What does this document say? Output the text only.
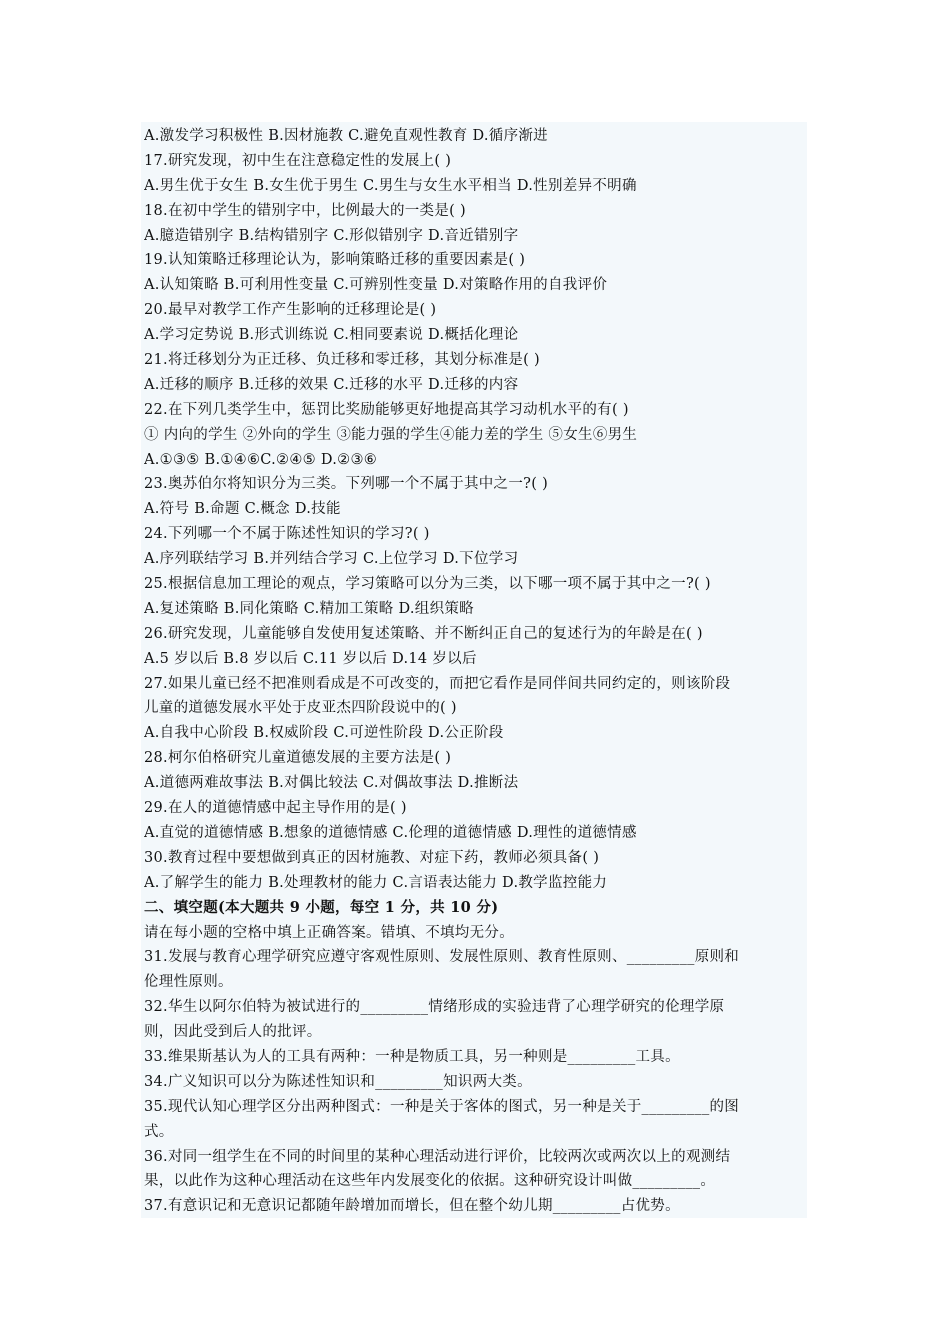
A.激发学习积极性 B.因材施教 C.避免直观性教育 D.循序渐进
17.研究发现，初中生在注意稳定性的发展上( )
A.男生优于女生 B.女生优于男生 C.男生与女生水平相当 D.性别差异不明确
18.在初中学生的错别字中，比例最大的一类是( )
A.臆造错别字 B.结构错别字 C.形似错别字 D.音近错别字
19.认知策略迁移理论认为，影响策略迁移的重要因素是( )
A.认知策略 B.可利用性变量 C.可辨别性变量 D.对策略作用的自我评价
20.最早对教学工作产生影响的迁移理论是( )
A.学习定势说 B.形式训练说 C.相同要素说 D.概括化理论
21.将迁移划分为正迁移、负迁移和零迁移，其划分标准是( )
A.迁移的顺序 B.迁移的效果 C.迁移的水平 D.迁移的内容
22.在下列几类学生中，惩罚比奖励能够更好地提高其学习动机水平的有( )
① 内向的学生 ②外向的学生 ③能力强的学生④能力差的学生 ⑤女生⑥男生
A.①③⑤ B.①④⑥C.②④⑤ D.②③⑥
23.奥苏伯尔将知识分为三类。下列哪一个不属于其中之一?( )
A.符号 B.命题 C.概念 D.技能
24.下列哪一个不属于陈述性知识的学习?( )
A.序列联结学习 B.并列结合学习 C.上位学习 D.下位学习
25.根据信息加工理论的观点，学习策略可以分为三类，以下哪一项不属于其中之一?( )
A.复述策略 B.同化策略 C.精加工策略 D.组织策略
26.研究发现，儿童能够自发使用复述策略、并不断纠正自己的复述行为的年龄是在( )
A.5 岁以后 B.8 岁以后 C.11 岁以后 D.14 岁以后
27.如果儿童已经不把准则看成是不可改变的，而把它看作是同伴间共同约定的，则该阶段
儿童的道德发展水平处于皮亚杰四阶段说中的( )
A.自我中心阶段 B.权威阶段 C.可逆性阶段 D.公正阶段
28.柯尔伯格研究儿童道德发展的主要方法是( )
A.道德两难故事法 B.对偶比较法 C.对偶故事法 D.推断法
29.在人的道德情感中起主导作用的是( )
A.直觉的道德情感 B.想象的道德情感 C.伦理的道德情感 D.理性的道德情感
30.教育过程中要想做到真正的因材施教、对症下药，教师必须具备( )
A.了解学生的能力 B.处理教材的能力 C.言语表达能力 D.教学监控能力
二、填空题(本大题共 9 小题，每空 1 分，共 10 分)
请在每小题的空格中填上正确答案。错填、不填均无分。
31.发展与教育心理学研究应遵守客观性原则、发展性原则、教育性原则、_________原则和
伦理性原则。
32.华生以阿尔伯特为被试进行的_________情绪形成的实验违背了心理学研究的伦理学原
则，因此受到后人的批评。
33.维果斯基认为人的工具有两种：一种是物质工具，另一种则是_________工具。
34.广义知识可以分为陈述性知识和_________知识两大类。
35.现代认知心理学区分出两种图式：一种是关于客体的图式，另一种是关于_________的图
式。
36.对同一组学生在不同的时间里的某种心理活动进行评价，比较两次或两次以上的观测结
果，以此作为这种心理活动在这些年内发展变化的依据。这种研究设计叫做_________。
37.有意识记和无意识记都随年龄增加而增长，但在整个幼儿期_________占优势。
